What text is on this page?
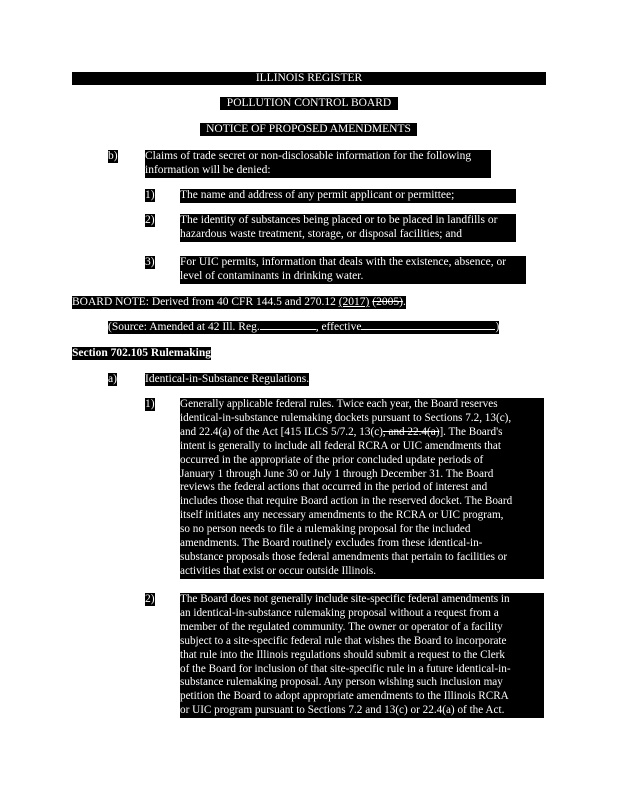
ILLINOIS REGISTER
POLLUTION CONTROL BOARD
NOTICE OF PROPOSED AMENDMENTS
b) Claims of trade secret or non-disclosable information for the following
information will be denied:
1) The name and address of any permit applicant or permittee;
2) The identity of substances being placed or to be placed in landfills or
hazardous waste treatment, storage, or disposal facilities; and
3) For UIC permits, information that deals with the existence, absence, or
level of contaminants in drinking water.
BOARD NOTE: Derived from 40 CFR 144.5 and 270.12 (2017) (2005).
(Source: Amended at 42 Ill. Reg.	, effective	)
Section 702.105 Rulemaking
a) Identical-in-Substance Regulations.
1) Generally applicable federal rules. Twice each year, the Board reserves
identical-in-substance rulemaking dockets pursuant to Sections 7.2, 13(c),
and 22.4(a) of the Act [415 ILCS 5/7.2, 13(c), and 22.4(a)]. The Board's
intent is generally to include all federal RCRA or UIC amendments that
occurred in the appropriate of the prior concluded update periods of
January 1 through June 30 or July 1 through December 31. The Board
reviews the federal actions that occurred in the period of interest and
includes those that require Board action in the reserved docket. The Board
itself initiates any necessary amendments to the RCRA or UIC program,
so no person needs to file a rulemaking proposal for the included
amendments. The Board routinely excludes from these identical-in-
substance proposals those federal amendments that pertain to facilities or
activities that exist or occur outside Illinois.
2) The Board does not generally include site-specific federal amendments in
an identical-in-substance rulemaking proposal without a request from a
member of the regulated community. The owner or operator of a facility
subject to a site-specific federal rule that wishes the Board to incorporate
that rule into the Illinois regulations should submit a request to the Clerk
of the Board for inclusion of that site-specific rule in a future identical-in-
substance rulemaking proposal. Any person wishing such inclusion may
petition the Board to adopt appropriate amendments to the Illinois RCRA
or UIC program pursuant to Sections 7.2 and 13(c) or 22.4(a) of the Act.
